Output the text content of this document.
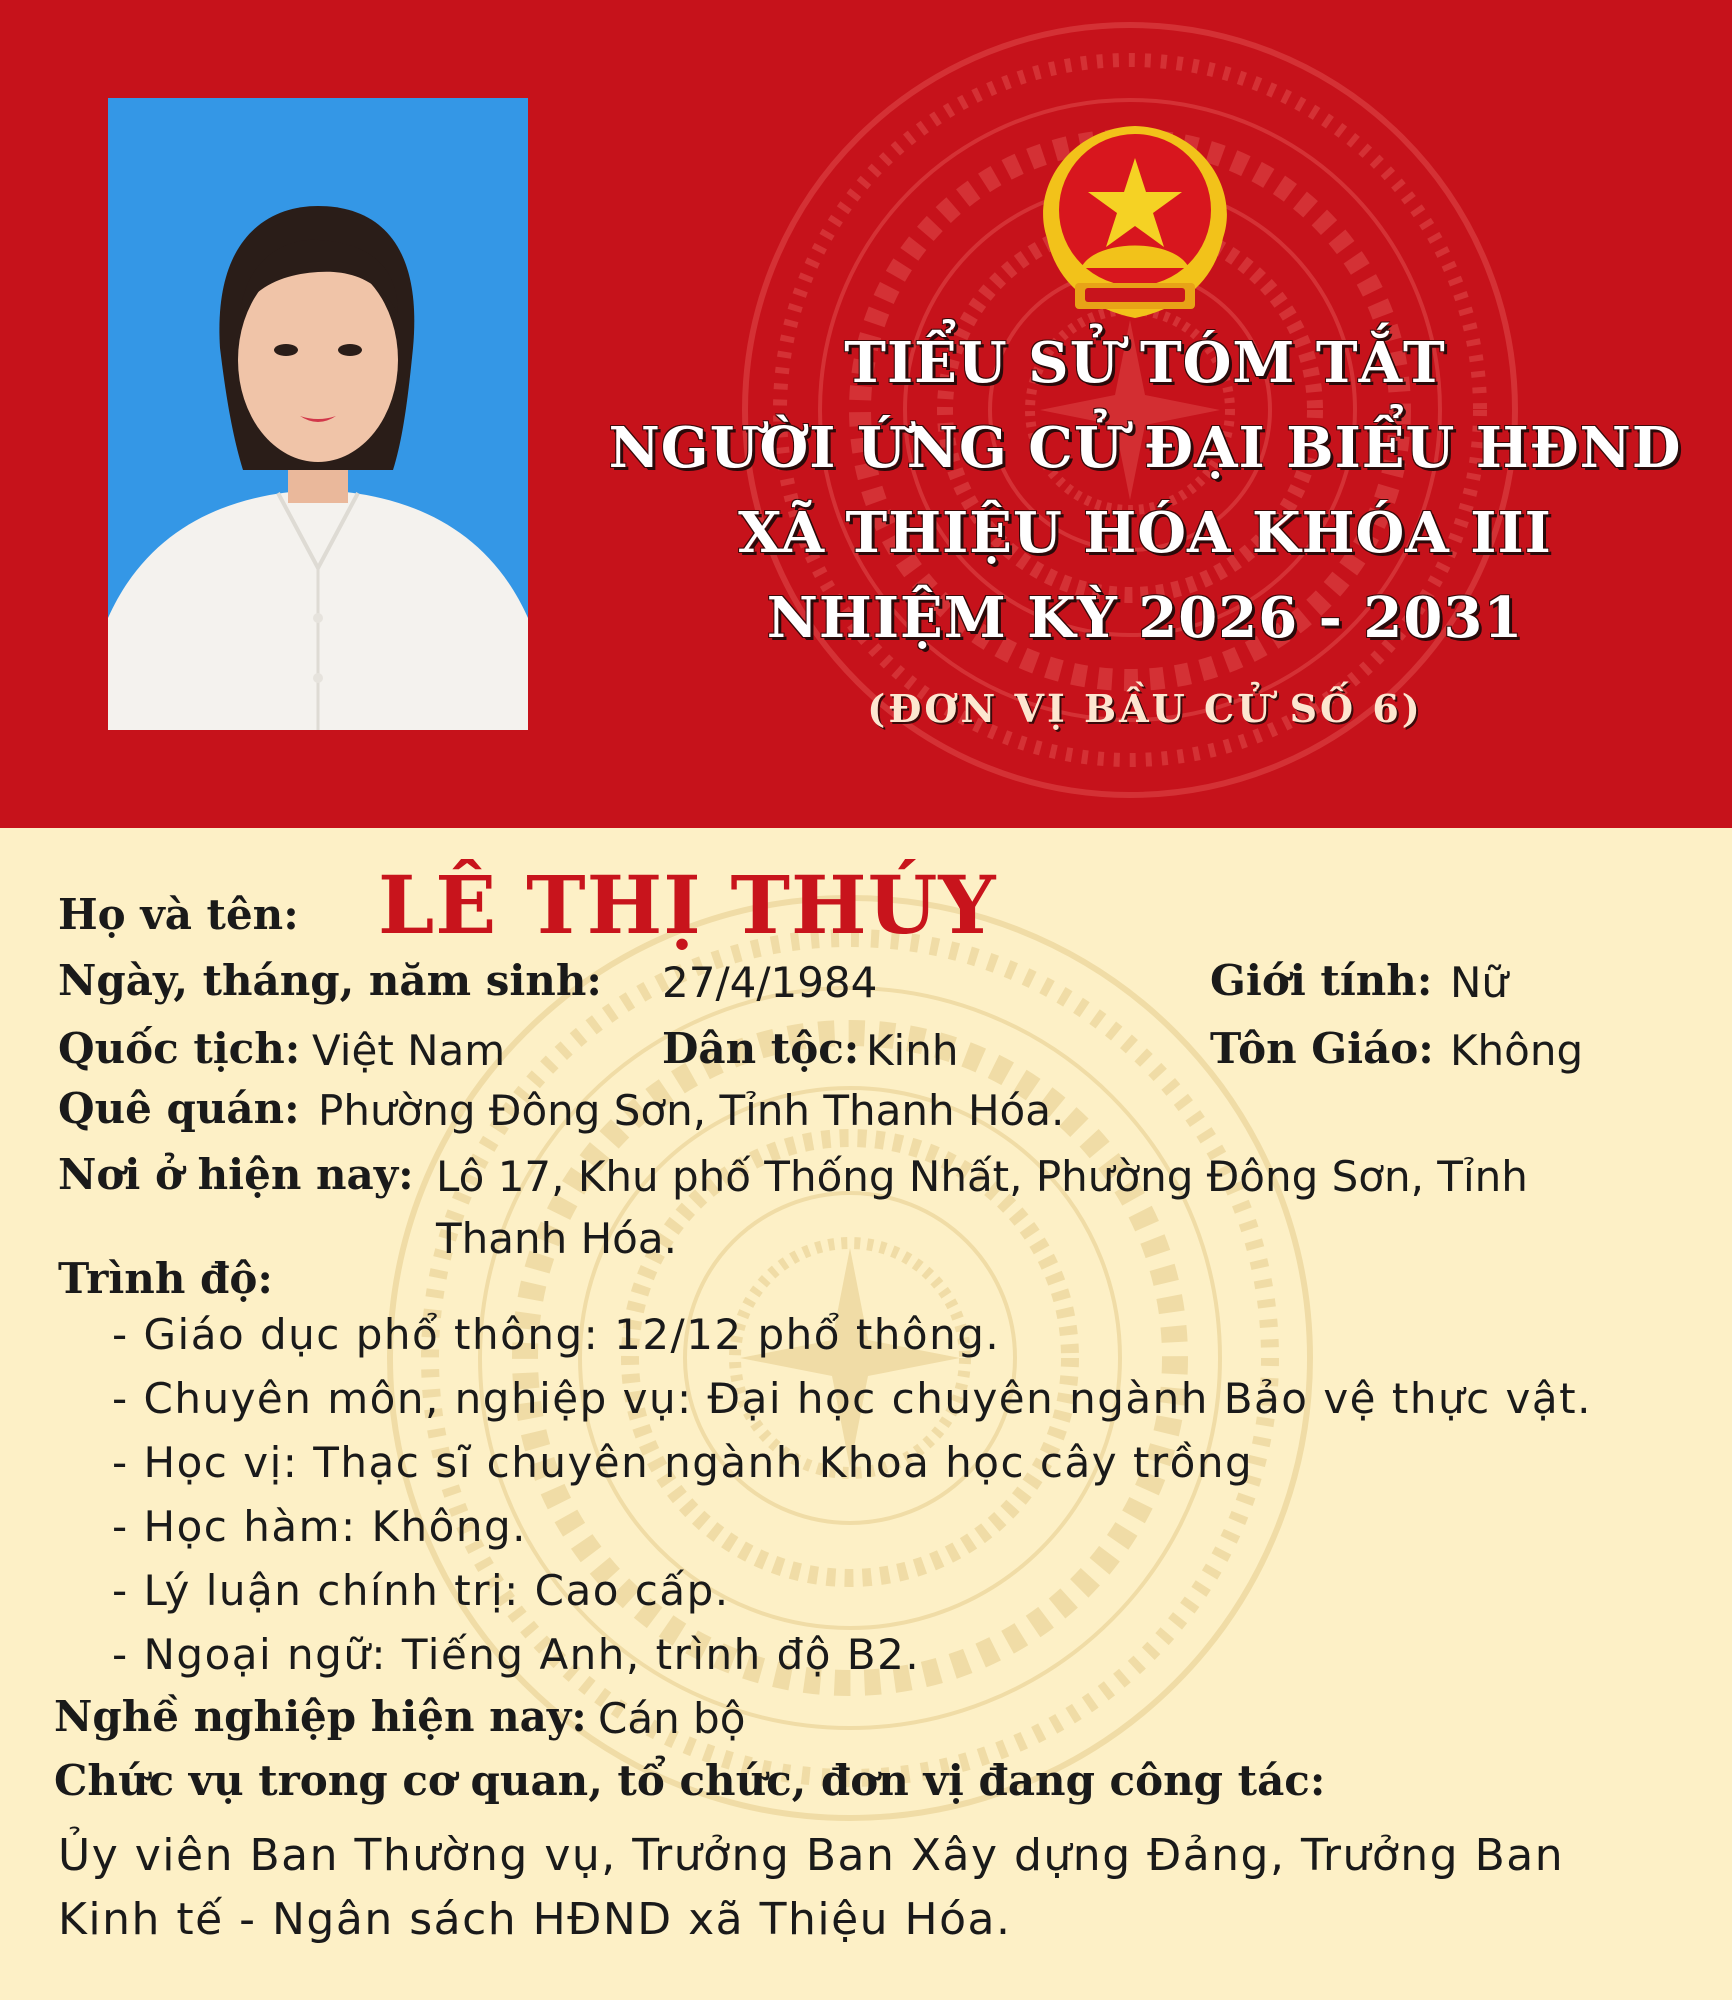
TIỂU SỬ TÓM TẮT
NGƯỜI ỨNG CỬ ĐẠI BIỂU HĐND
XÃ THIỆU HÓA KHÓA III
NHIỆM KỲ 2026 - 2031
(ĐƠN VỊ BẦU CỬ SỐ 6)
Họ và tên: LÊ THỊ THÚY
Ngày, tháng, năm sinh: 27/4/1984	Giới tính: Nữ
Quốc tịch: Việt Nam	Dân tộc: Kinh	Tôn Giáo: Không
Quê quán: Phường Đông Sơn, Tỉnh Thanh Hóa.
Nơi ở hiện nay: Lô 17, Khu phố Thống Nhất, Phường Đông Sơn, Tỉnh
Thanh Hóa.
Trình độ:
- Giáo dục phổ thông: 12/12 phổ thông.
- Chuyên môn, nghiệp vụ: Đại học chuyên ngành Bảo vệ thực vật.
- Học vị: Thạc sĩ chuyên ngành Khoa học cây trồng
- Học hàm: Không.
- Lý luận chính trị: Cao cấp.
- Ngoại ngữ: Tiếng Anh, trình độ B2.
Nghề nghiệp hiện nay: Cán bộ
Chức vụ trong cơ quan, tổ chức, đơn vị đang công tác:
Ủy viên Ban Thường vụ, Trưởng Ban Xây dựng Đảng, Trưởng Ban
Kinh tế - Ngân sách HĐND xã Thiệu Hóa.
